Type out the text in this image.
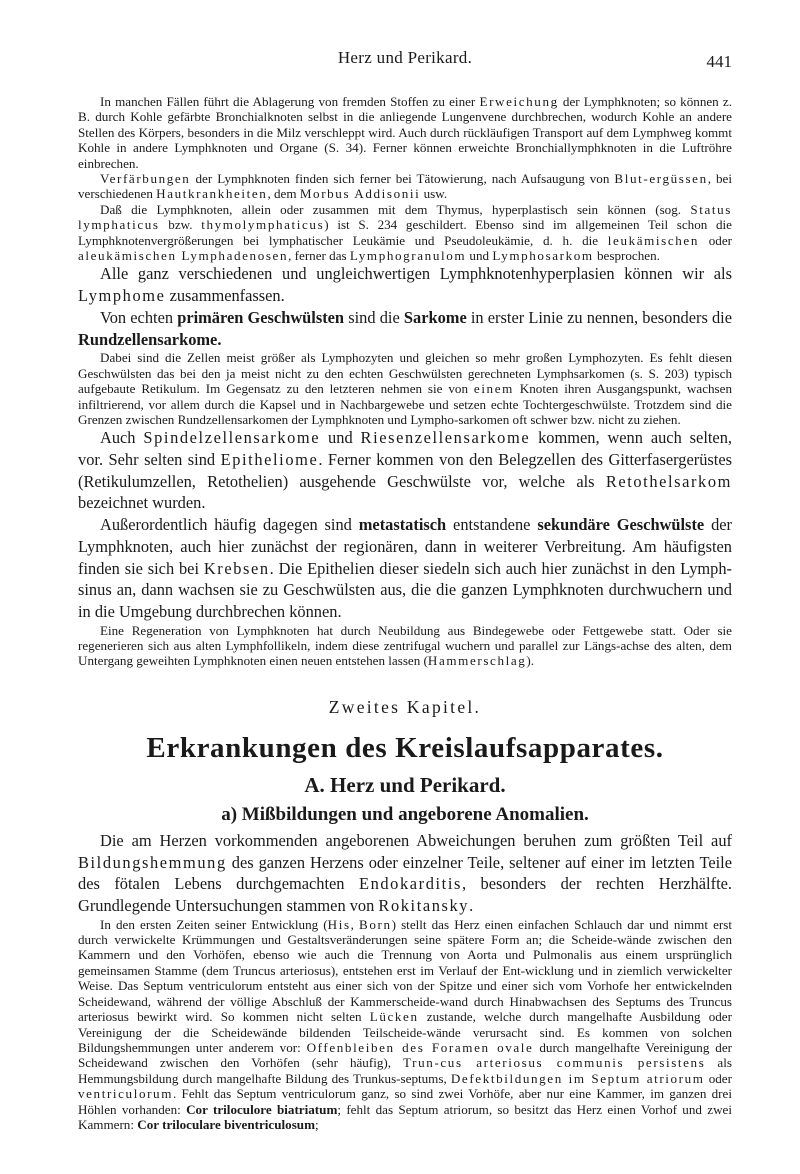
Herz und Perikard.	441

In manchen Fällen führt die Ablagerung von fremden Stoffen zu einer Erweichung der Lymphknoten; so können z. B. durch Kohle gefärbte Bronchialknoten selbst in die anliegende Lungenvene durchbrechen, wodurch Kohle an andere Stellen des Körpers, besonders in die Milz verschleppt wird. Auch durch rückläufigen Transport auf dem Lymphweg kommt Kohle in andere Lymphknoten und Organe (S. 34). Ferner können erweichte Bronchiallymphknoten in die Luftröhre einbrechen.

Verfärbungen der Lymphknoten finden sich ferner bei Tätowierung, nach Aufsaugung von Blut-ergüssen, bei verschiedenen Hautkrankheiten, dem Morbus Addisonii usw.

Daß die Lymphknoten, allein oder zusammen mit dem Thymus, hyperplastisch sein können (sog. Status lymphaticus bzw. thymolymphaticus) ist S. 234 geschildert. Ebenso sind im allgemeinen Teil schon die Lymphknotenvergrößerungen bei lymphatischer Leukämie und Pseudoleukämie, d. h. die leukämischen oder aleukämischen Lymphadenosen, ferner das Lymphogranulom und Lymphosarkom besprochen.

Alle ganz verschiedenen und ungleichwertigen Lymphknotenhyperplasien können wir als Lymphome zusammenfassen.

Von echten primären Geschwülsten sind die Sarkome in erster Linie zu nennen, besonders die Rundzellensarkome.

Dabei sind die Zellen meist größer als Lymphozyten und gleichen so mehr großen Lymphozyten. Es fehlt diesen Geschwülsten das bei den ja meist nicht zu den echten Geschwülsten gerechneten Lymphsarkomen (s. S. 203) typisch aufgebaute Retikulum. Im Gegensatz zu den letzteren nehmen sie von einem Knoten ihren Ausgangspunkt, wachsen infiltrierend, vor allem durch die Kapsel und in Nachbargewebe und setzen echte Tochtergeschwülste. Trotzdem sind die Grenzen zwischen Rundzellensarkomen der Lymphknoten und Lympho-sarkomen oft schwer bzw. nicht zu ziehen.

Auch Spindelzellensarkome und Riesenzellensarkome kommen, wenn auch selten, vor. Sehr selten sind Epitheliome. Ferner kommen von den Belegzellen des Gitterfasergerüstes (Retikulumzellen, Retothelien) ausgehende Geschwülste vor, welche als Retothelsarkom bezeichnet wurden.

Außerordentlich häufig dagegen sind metastatisch entstandene sekundäre Geschwülste der Lymphknoten, auch hier zunächst der regionären, dann in weiterer Verbreitung. Am häufigsten finden sie sich bei Krebsen. Die Epithelien dieser siedeln sich auch hier zunächst in den Lymph-sinus an, dann wachsen sie zu Geschwülsten aus, die die ganzen Lymphknoten durchwuchern und in die Umgebung durchbrechen können.

Eine Regeneration von Lymphknoten hat durch Neubildung aus Bindegewebe oder Fettgewebe statt. Oder sie regenerieren sich aus alten Lymphfollikeln, indem diese zentrifugal wuchern und parallel zur Längs-achse des alten, dem Untergang geweihten Lymphknoten einen neuen entstehen lassen (Hammerschlag).

Zweites Kapitel.
Erkrankungen des Kreislaufsapparates.
A. Herz und Perikard.
a) Mißbildungen und angeborene Anomalien.

Die am Herzen vorkommenden angeborenen Abweichungen beruhen zum größten Teil auf Bildungshemmung des ganzen Herzens oder einzelner Teile, seltener auf einer im letzten Teile des fötalen Lebens durchgemachten Endokarditis, besonders der rechten Herzhälfte. Grundlegende Untersuchungen stammen von Rokitansky.

In den ersten Zeiten seiner Entwicklung (His, Born) stellt das Herz einen einfachen Schlauch dar und nimmt erst durch verwickelte Krümmungen und Gestaltsveränderungen seine spätere Form an; die Scheide-wände zwischen den Kammern und den Vorhöfen, ebenso wie auch die Trennung von Aorta und Pulmonalis aus einem ursprünglich gemeinsamen Stamme (dem Truncus arteriosus), entstehen erst im Verlauf der Ent-wicklung und in ziemlich verwickelter Weise. Das Septum ventriculorum entsteht aus einer sich von der Spitze und einer sich vom Vorhofe her entwickelnden Scheidewand, während der völlige Abschluß der Kammerscheide-wand durch Hinabwachsen des Septums des Truncus arteriosus bewirkt wird. So kommen nicht selten Lücken zustande, welche durch mangelhafte Ausbildung oder Vereinigung der die Scheidewände bildenden Teilscheide-wände verursacht sind. Es kommen von solchen Bildungshemmungen unter anderem vor: Offenbleiben des Foramen ovale durch mangelhafte Vereinigung der Scheidewand zwischen den Vorhöfen (sehr häufig), Trun-cus arteriosus communis persistens als Hemmungsbildung durch mangelhafte Bildung des Trunkus-septums, Defektbildungen im Septum atriorum oder ventriculorum. Fehlt das Septum ventriculorum ganz, so sind zwei Vorhöfe, aber nur eine Kammer, im ganzen drei Höhlen vorhanden: Cor triloculore biatriatum; fehlt das Septum atriorum, so besitzt das Herz einen Vorhof und zwei Kammern: Cor triloculare biventriculosum;
